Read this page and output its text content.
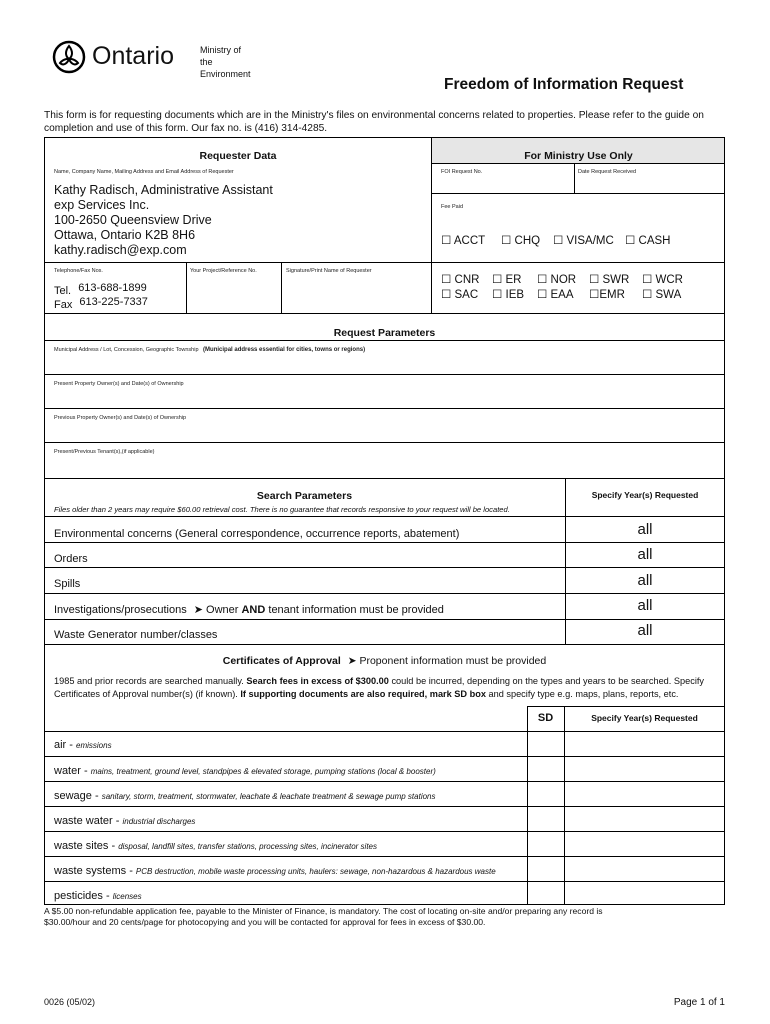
Ontario	Ministry of
the
Environment
Freedom of Information Request
This form is for requesting documents which are in the Ministry's files on environmental concerns related to properties. Please refer to the guide on
completion and use of this form. Our fax no. is (416) 314-4285.
Requester Data	For Ministry Use Only
Name, Company Name, Mailing Address and Email Address of Requester
Kathy Radisch, Administrative Assistant
exp Services Inc.
100-2650 Queensview Drive
Ottawa, Ontario K2B 8H6
kathy.radisch@exp.com
Telephone/Fax Nos.	Your Project/Reference No.	Signature/Print Name of Requester
Tel. 613-688-1899
Fax 613-225-7337
FOI Request No.	Date Request Received
Fee Paid
☐ ACCT ☐ CHQ ☐ VISA/MC ☐ CASH
☐ CNR ☐ ER ☐ NOR ☐ SWR ☐ WCR
☐ SAC ☐ IEB ☐ EAA ☐EMR ☐ SWA
Request Parameters
Municipal Address / Lot, Concession, Geographic Township (Municipal address essential for cities, towns or regions)
Present Property Owner(s) and Date(s) of Ownership
Previous Property Owner(s) and Date(s) of Ownership
Present/Previous Tenant(s),(if applicable)
Search Parameters
Files older than 2 years may require $60.00 retrieval cost. There is no guarantee that records responsive to your request will be located.
Specify Year(s) Requested
Environmental concerns (General correspondence, occurrence reports, abatement)	all
Orders	all
Spills	all
Investigations/prosecutions ➤ Owner AND tenant information must be provided	all
Waste Generator number/classes	all
Certificates of Approval ➤ Proponent information must be provided
1985 and prior records are searched manually. Search fees in excess of $300.00 could be incurred, depending on the types and years to be searched. Specify
Certificates of Approval number(s) (if known). If supporting documents are also required, mark SD box and specify type e.g. maps, plans, reports, etc.
SD	Specify Year(s) Requested
air - emissions
water - mains, treatment, ground level, standpipes & elevated storage, pumping stations (local & booster)
sewage - sanitary, storm, treatment, stormwater, leachate & leachate treatment & sewage pump stations
waste water - industrial discharges
waste sites - disposal, landfill sites, transfer stations, processing sites, incinerator sites
waste systems - PCB destruction, mobile waste processing units, haulers: sewage, non-hazardous & hazardous waste
pesticides - licenses
A $5.00 non-refundable application fee, payable to the Minister of Finance, is mandatory. The cost of locating on-site and/or preparing any record is
$30.00/hour and 20 cents/page for photocopying and you will be contacted for approval for fees in excess of $30.00.
0026 (05/02)	Page 1 of 1
